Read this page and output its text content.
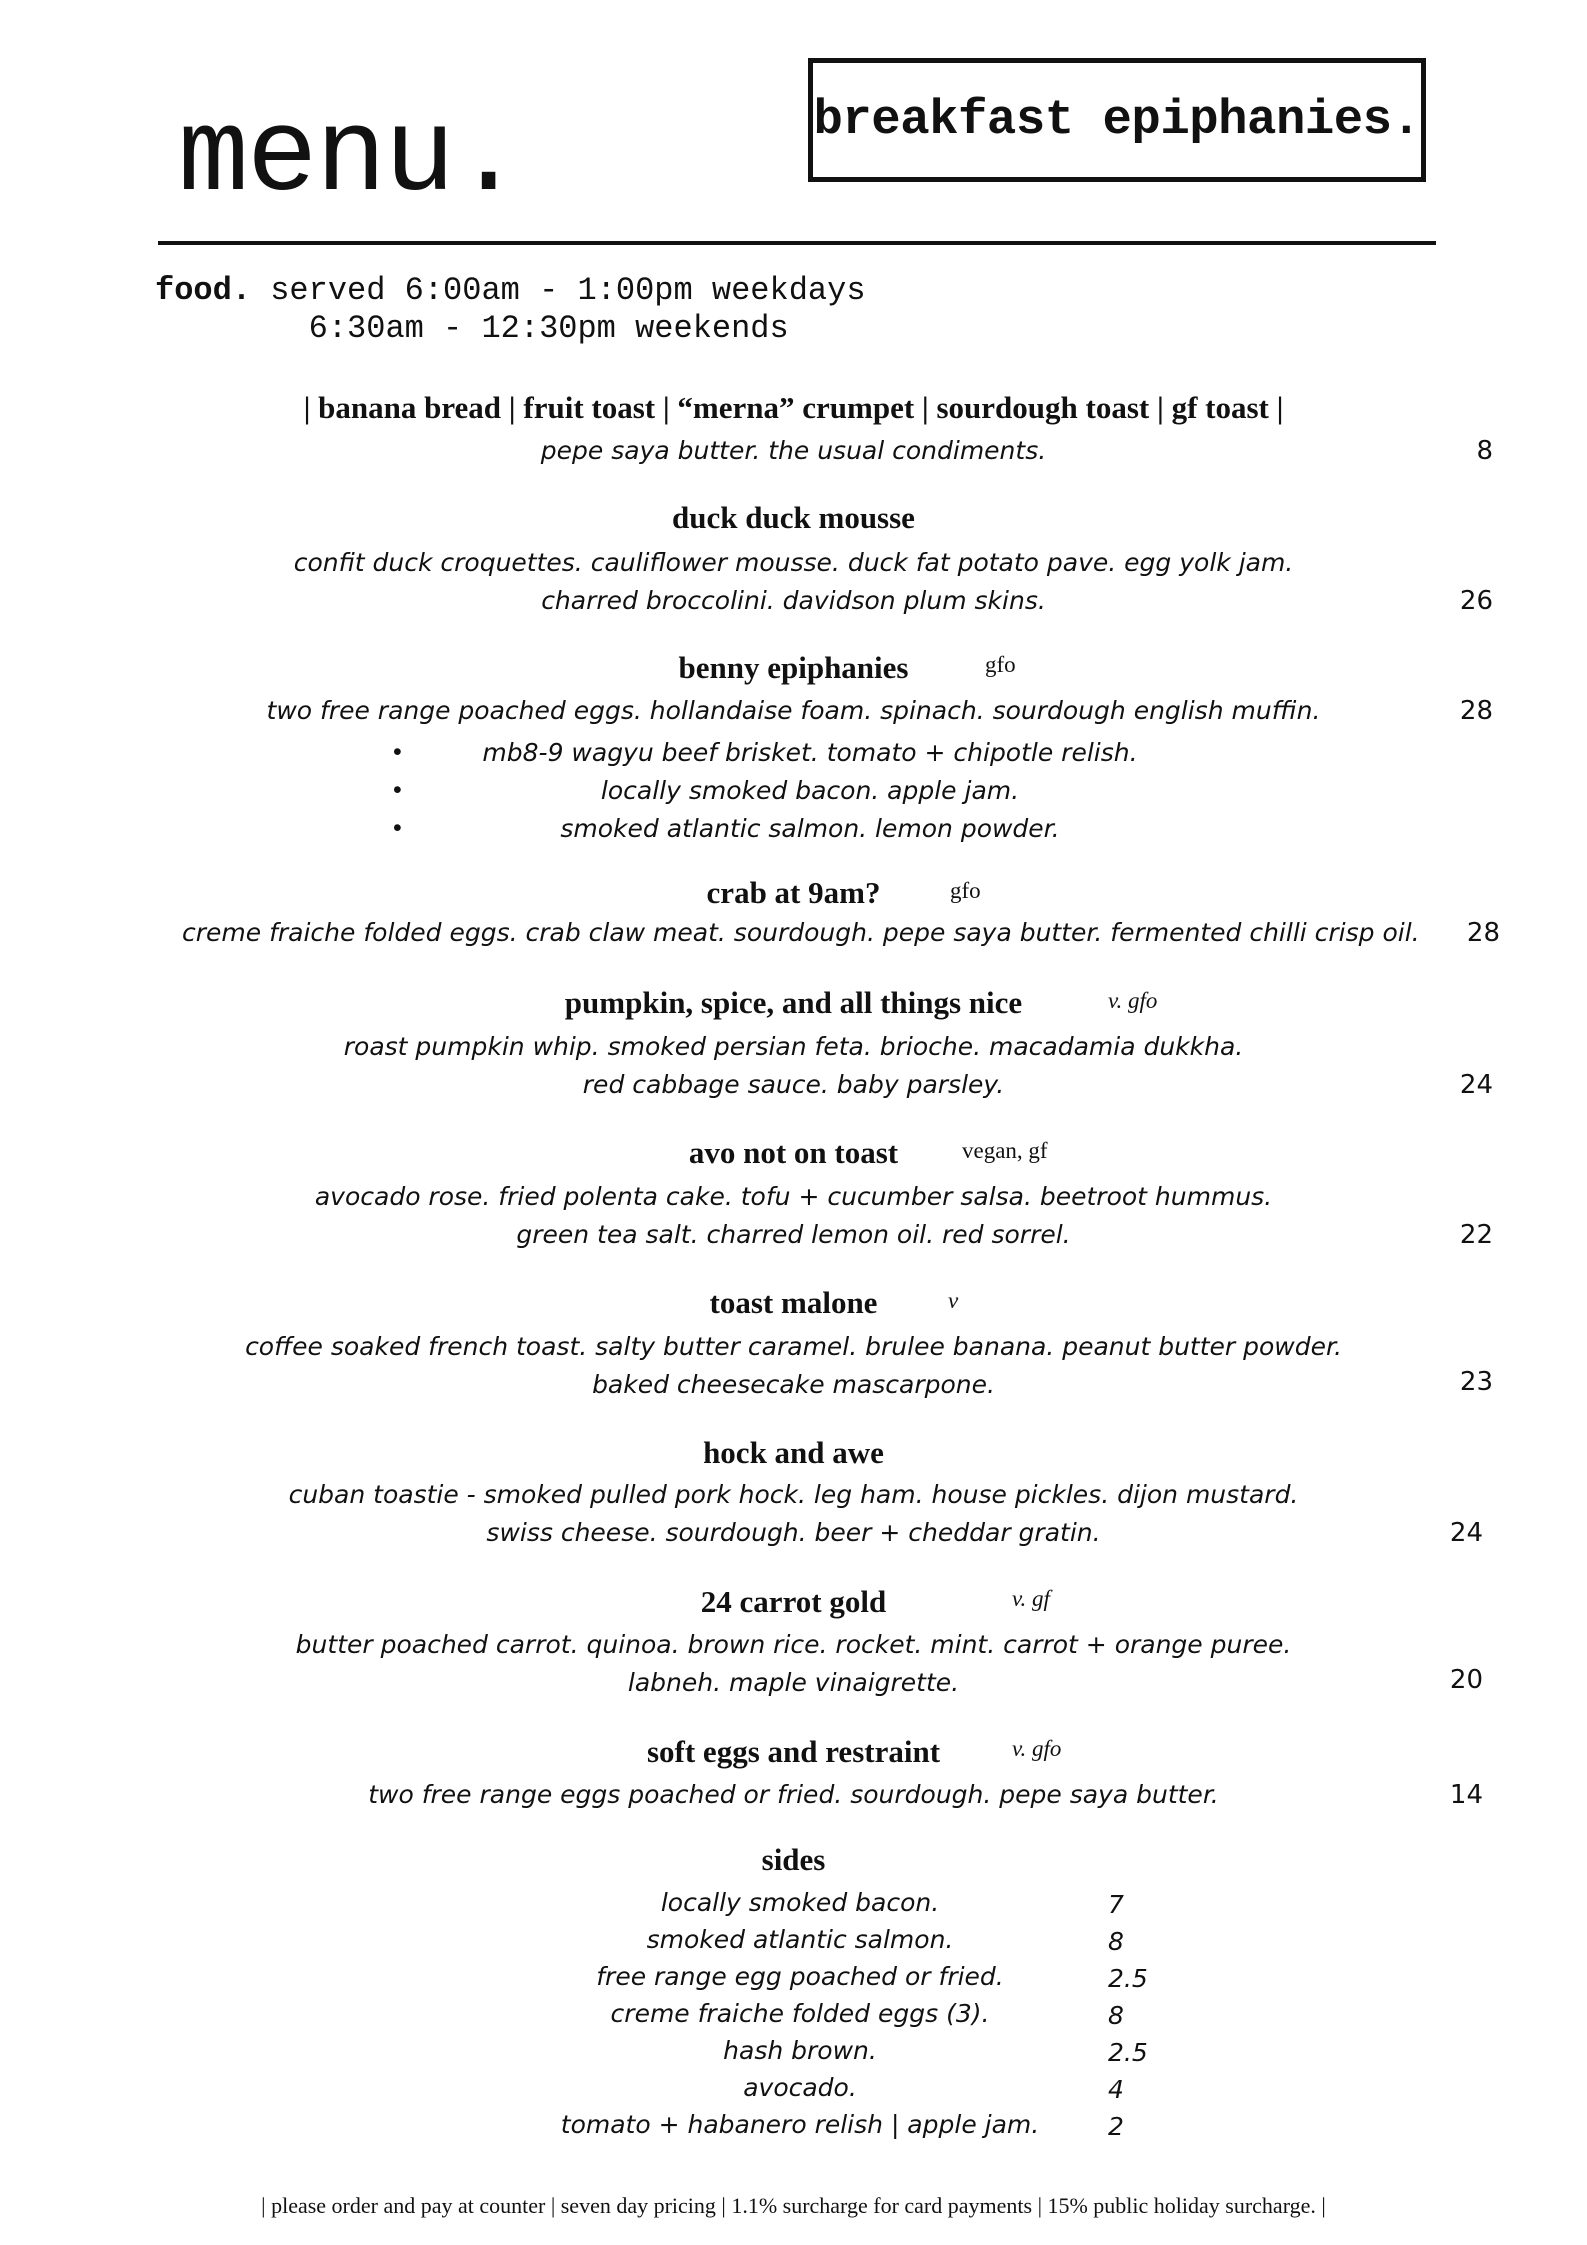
menu.	breakfast epiphanies.
food. served 6:00am - 1:00pm weekdays
6:30am - 12:30pm weekends
| banana bread | fruit toast | “merna” crumpet | sourdough toast | gf toast |
pepe saya butter. the usual condiments.	8
duck duck mousse
confit duck croquettes. cauliflower mousse. duck fat potato pave. egg yolk jam.
charred broccolini. davidson plum skins.	26
benny epiphanies	gfo
two free range poached eggs. hollandaise foam. spinach. sourdough english muffin.	28
•	mb8-9 wagyu beef brisket. tomato + chipotle relish.
•	locally smoked bacon. apple jam.
•	smoked atlantic salmon. lemon powder.
crab at 9am?	gfo
creme fraiche folded eggs. crab claw meat. sourdough. pepe saya butter. fermented chilli crisp oil.	28
pumpkin, spice, and all things nice	v. gfo
roast pumpkin whip. smoked persian feta. brioche. macadamia dukkha.
red cabbage sauce. baby parsley.	24
avo not on toast	vegan, gf
avocado rose. fried polenta cake. tofu + cucumber salsa. beetroot hummus.
green tea salt. charred lemon oil. red sorrel.	22
toast malone	v
coffee soaked french toast. salty butter caramel. brulee banana. peanut butter powder.
baked cheesecake mascarpone.	23
hock and awe
cuban toastie - smoked pulled pork hock. leg ham. house pickles. dijon mustard.
swiss cheese. sourdough. beer + cheddar gratin.	24
24 carrot gold	v. gf
butter poached carrot. quinoa. brown rice. rocket. mint. carrot + orange puree.
labneh. maple vinaigrette.	20
soft eggs and restraint	v. gfo
two free range eggs poached or fried. sourdough. pepe saya butter.	14
sides
locally smoked bacon.	7
smoked atlantic salmon.	8
free range egg poached or fried.	2.5
creme fraiche folded eggs (3).	8
hash brown.	2.5
avocado.	4
tomato + habanero relish | apple jam.	2
| please order and pay at counter | seven day pricing | 1.1% surcharge for card payments | 15% public holiday surcharge. |
